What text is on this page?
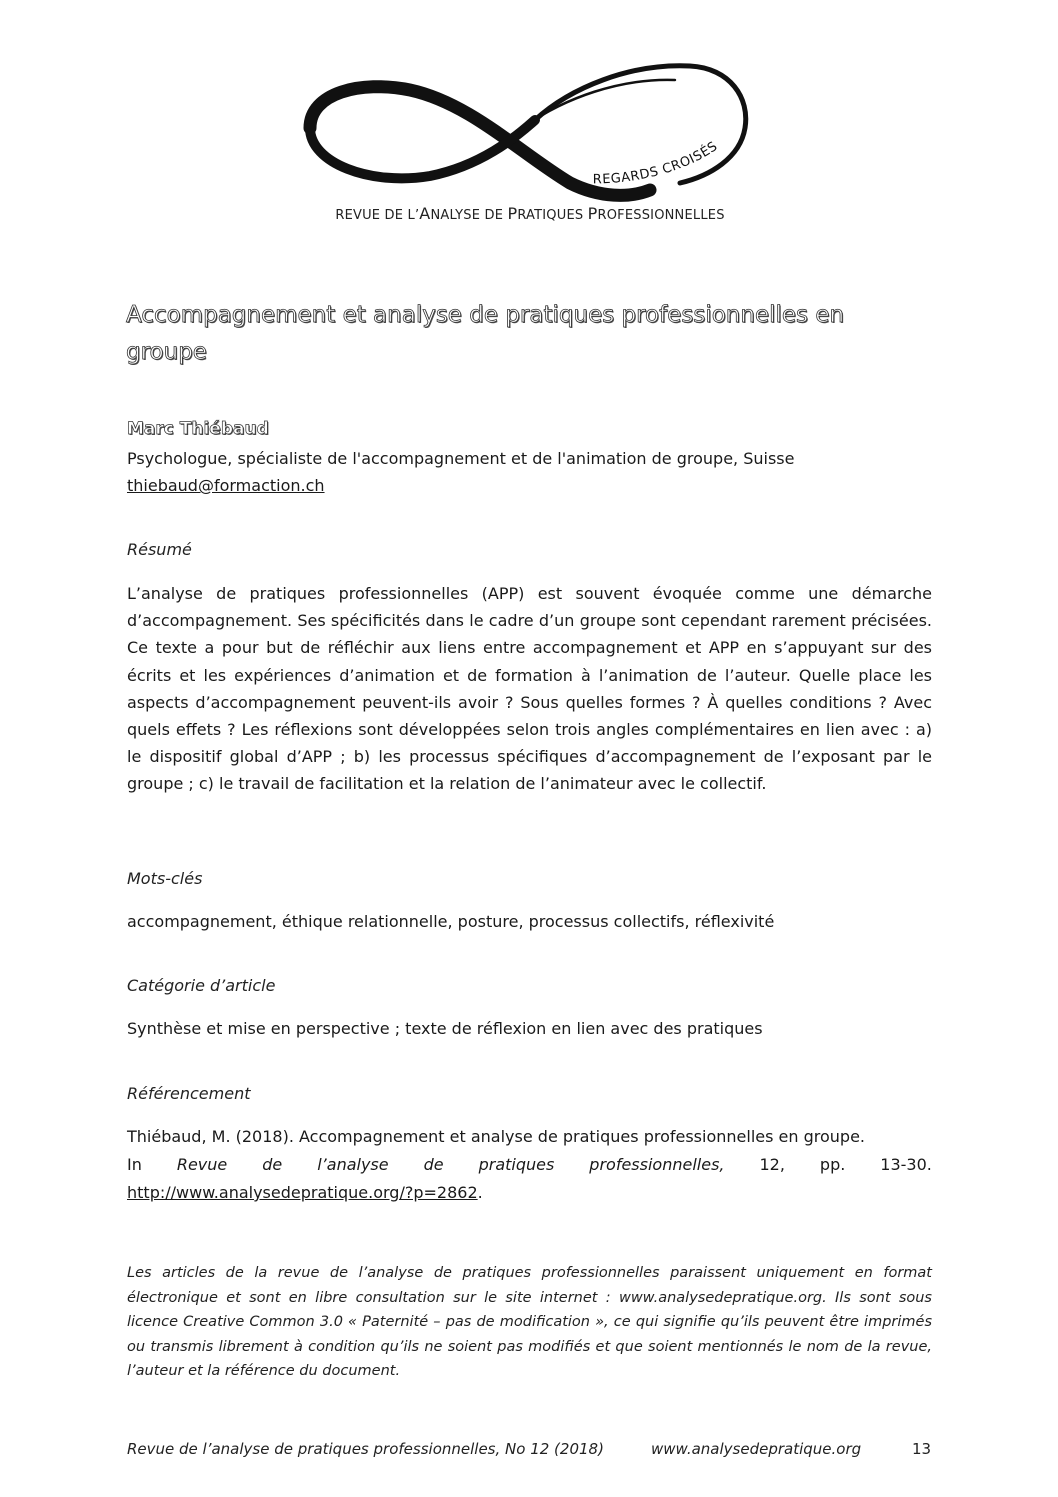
REGARDS CROISÉS
REVUE DE L’ANALYSE DE PRATIQUES PROFESSIONNELLES
Accompagnement et analyse de pratiques professionnelles en groupe
Marc Thiébaud
Psychologue, spécialiste de l'accompagnement et de l'animation de groupe, Suisse
thiebaud@formaction.ch
Résumé
L’analyse de pratiques professionnelles (APP) est souvent évoquée comme une démarche d’accompagnement. Ses spécificités dans le cadre d’un groupe sont cependant rarement précisées. Ce texte a pour but de réfléchir aux liens entre accompagnement et APP en s’appuyant sur des écrits et les expériences d’animation et de formation à l’animation de l’auteur. Quelle place les aspects d’accompagnement peuvent-ils avoir ? Sous quelles formes ? À quelles conditions ? Avec quels effets ? Les réflexions sont développées selon trois angles complémentaires en lien avec : a) le dispositif global d’APP ; b) les processus spécifiques d’accompagnement de l’exposant par le groupe ; c) le travail de facilitation et la relation de l’animateur avec le collectif.
Mots-clés
accompagnement, éthique relationnelle, posture, processus collectifs, réflexivité
Catégorie d’article
Synthèse et mise en perspective ; texte de réflexion en lien avec des pratiques
Référencement
Thiébaud, M. (2018). Accompagnement et analyse de pratiques professionnelles en groupe.
In Revue de l’analyse de pratiques professionnelles, 12, pp. 13-30.
http://www.analysedepratique.org/?p=2862.
Les articles de la revue de l’analyse de pratiques professionnelles paraissent uniquement en format électronique et sont en libre consultation sur le site internet : www.analysedepratique.org. Ils sont sous licence Creative Common 3.0 « Paternité – pas de modification », ce qui signifie qu’ils peuvent être imprimés ou transmis librement à condition qu’ils ne soient pas modifiés et que soient mentionnés le nom de la revue, l’auteur et la référence du document.
Revue de l’analyse de pratiques professionnelles, No 12 (2018)	www.analysedepratique.org	13
